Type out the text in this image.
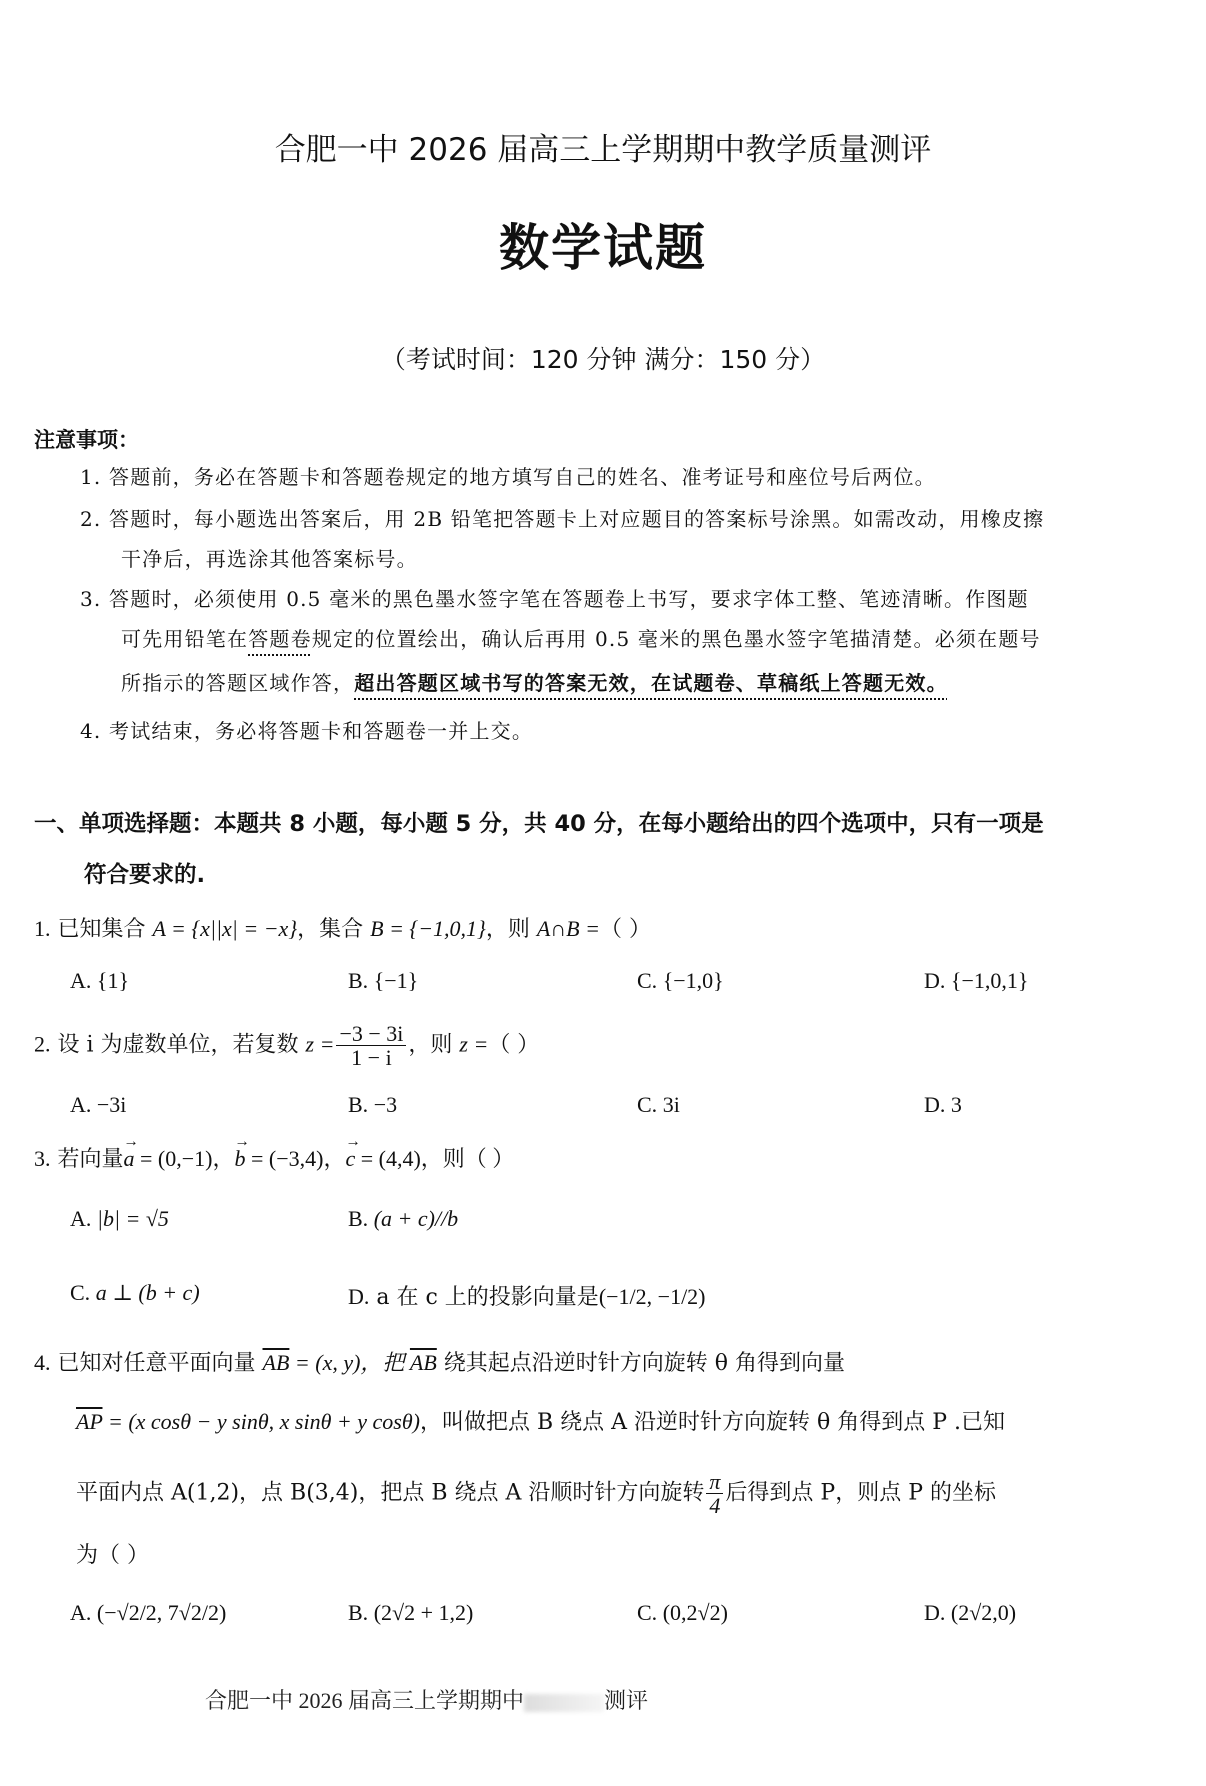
合肥一中 2026 届高三上学期期中教学质量测评
数学试题
（考试时间：120 分钟 满分：150 分）
注意事项：
1. 答题前，务必在答题卡和答题卷规定的地方填写自己的姓名、准考证号和座位号后两位。
2. 答题时，每小题选出答案后，用 2B 铅笔把答题卡上对应题目的答案标号涂黑。如需改动，用橡皮擦
干净后，再选涂其他答案标号。
3. 答题时，必须使用 0.5 毫米的黑色墨水签字笔在答题卷上书写，要求字体工整、笔迹清晰。作图题
可先用铅笔在答题卷规定的位置绘出，确认后再用 0.5 毫米的黑色墨水签字笔描清楚。必须在题号
所指示的答题区域作答，超出答题区域书写的答案无效，在试题卷、草稿纸上答题无效。
4. 考试结束，务必将答题卡和答题卷一并上交。
一、单项选择题：本题共 8 小题，每小题 5 分，共 40 分，在每小题给出的四个选项中，只有一项是
符合要求的.
1. 已知集合 A = {x||x| = −x}，集合 B = {−1,0,1}，则 A∩B =（ ）
A. {1}	B. {−1}	C. {−1,0}	D. {−1,0,1}
2. 设 i 为虚数单位，若复数 $z = \frac{-3 - 3i}{1 - i}$ ，则 z =（ ）
A. −3i	B. −3	C. 3i	D. 3
3. 若向量→ a = (0,−1)，→ b = (−3,4)，→ c = (4,4)，则（ ）
A. |b| = √5	B. (a + c)//b
C. a ⊥ (b + c)	D. a 在 c 上的投影向量是(−1/2, −1/2)
4. 已知对任意平面向量 $\overline{AB} = (x$, y)，把 $\overline{AB}$ 绕其起点沿逆时针方向旋转 θ 角得到向量
$\overline{AP} = (x$ cosθ − y sinθ, x sinθ + y cosθ)，叫做把点 B 绕点 A 沿逆时针方向旋转 θ 角得到点 P .已知
平面内点 A(1,2)，点 B(3,4)，把点 B 绕点 A 沿顺时针方向旋转 $\frac{\pi}{4}$ 后得到点 P，则点 P 的坐标
为（ ）
A. (−√2/2, 7√2/2)	B. (2√2 + 1,2)	C. (0,2√2)	D. (2√2,0)
合肥一中 2026 届高三上学期期中	测评
